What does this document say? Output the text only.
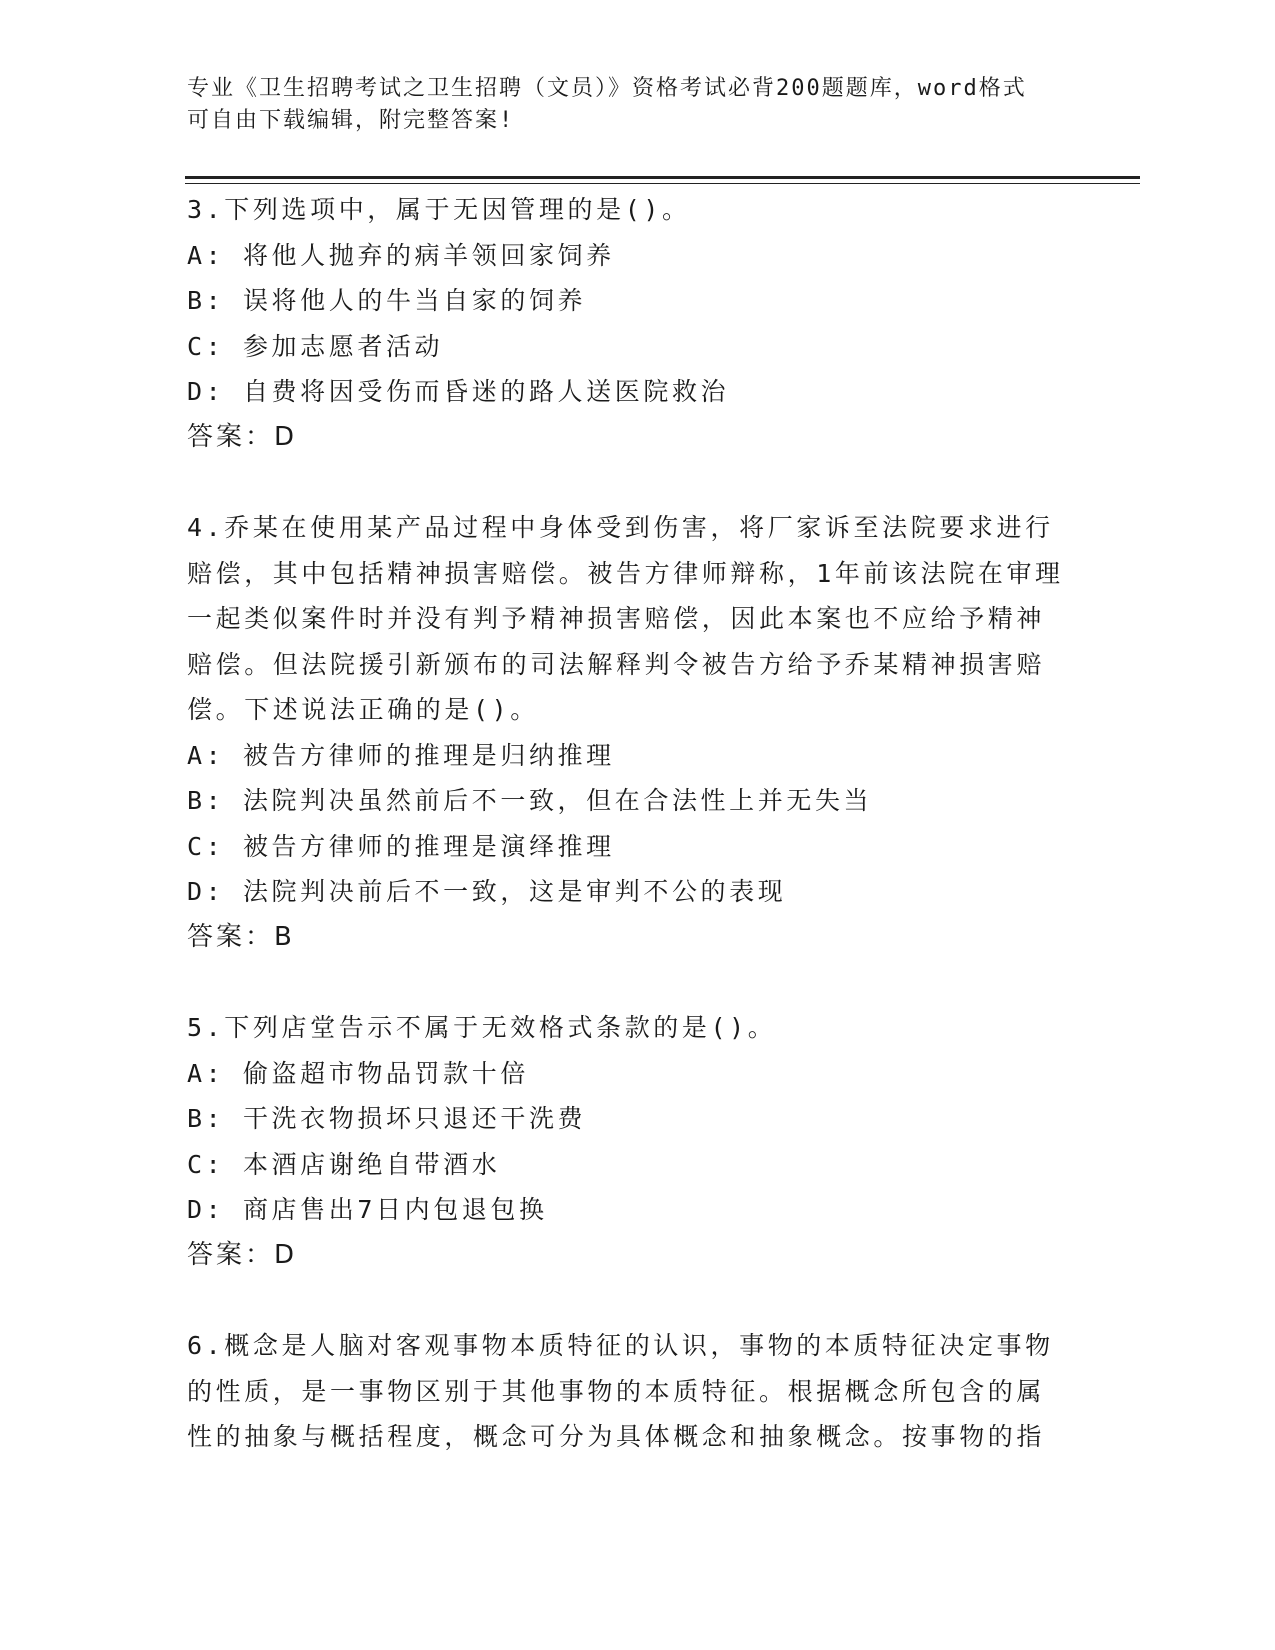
专业《卫生招聘考试之卫生招聘（文员）》资格考试必背200题题库，word格式

可自由下载编辑，附完整答案!

3.下列选项中，属于无因管理的是()。

A: 将他人抛弃的病羊领回家饲养

B: 误将他人的牛当自家的饲养

C: 参加志愿者活动

D: 自费将因受伤而昏迷的路人送医院救治

答案：D

4.乔某在使用某产品过程中身体受到伤害，将厂家诉至法院要求进行赔偿，其中包括精神损害赔偿。被告方律师辩称，1年前该法院在审理一起类似案件时并没有判予精神损害赔偿，因此本案也不应给予精神赔偿。但法院援引新颁布的司法解释判令被告方给予乔某精神损害赔偿。下述说法正确的是()。

A: 被告方律师的推理是归纳推理

B: 法院判决虽然前后不一致，但在合法性上并无失当

C: 被告方律师的推理是演绎推理

D: 法院判决前后不一致，这是审判不公的表现

答案：B

5.下列店堂告示不属于无效格式条款的是()。

A: 偷盗超市物品罚款十倍

B: 干洗衣物损坏只退还干洗费

C: 本酒店谢绝自带酒水

D: 商店售出7日内包退包换

答案：D

6.概念是人脑对客观事物本质特征的认识，事物的本质特征决定事物的性质，是一事物区别于其他事物的本质特征。根据概念所包含的属性的抽象与概括程度，概念可分为具体概念和抽象概念。按事物的指
